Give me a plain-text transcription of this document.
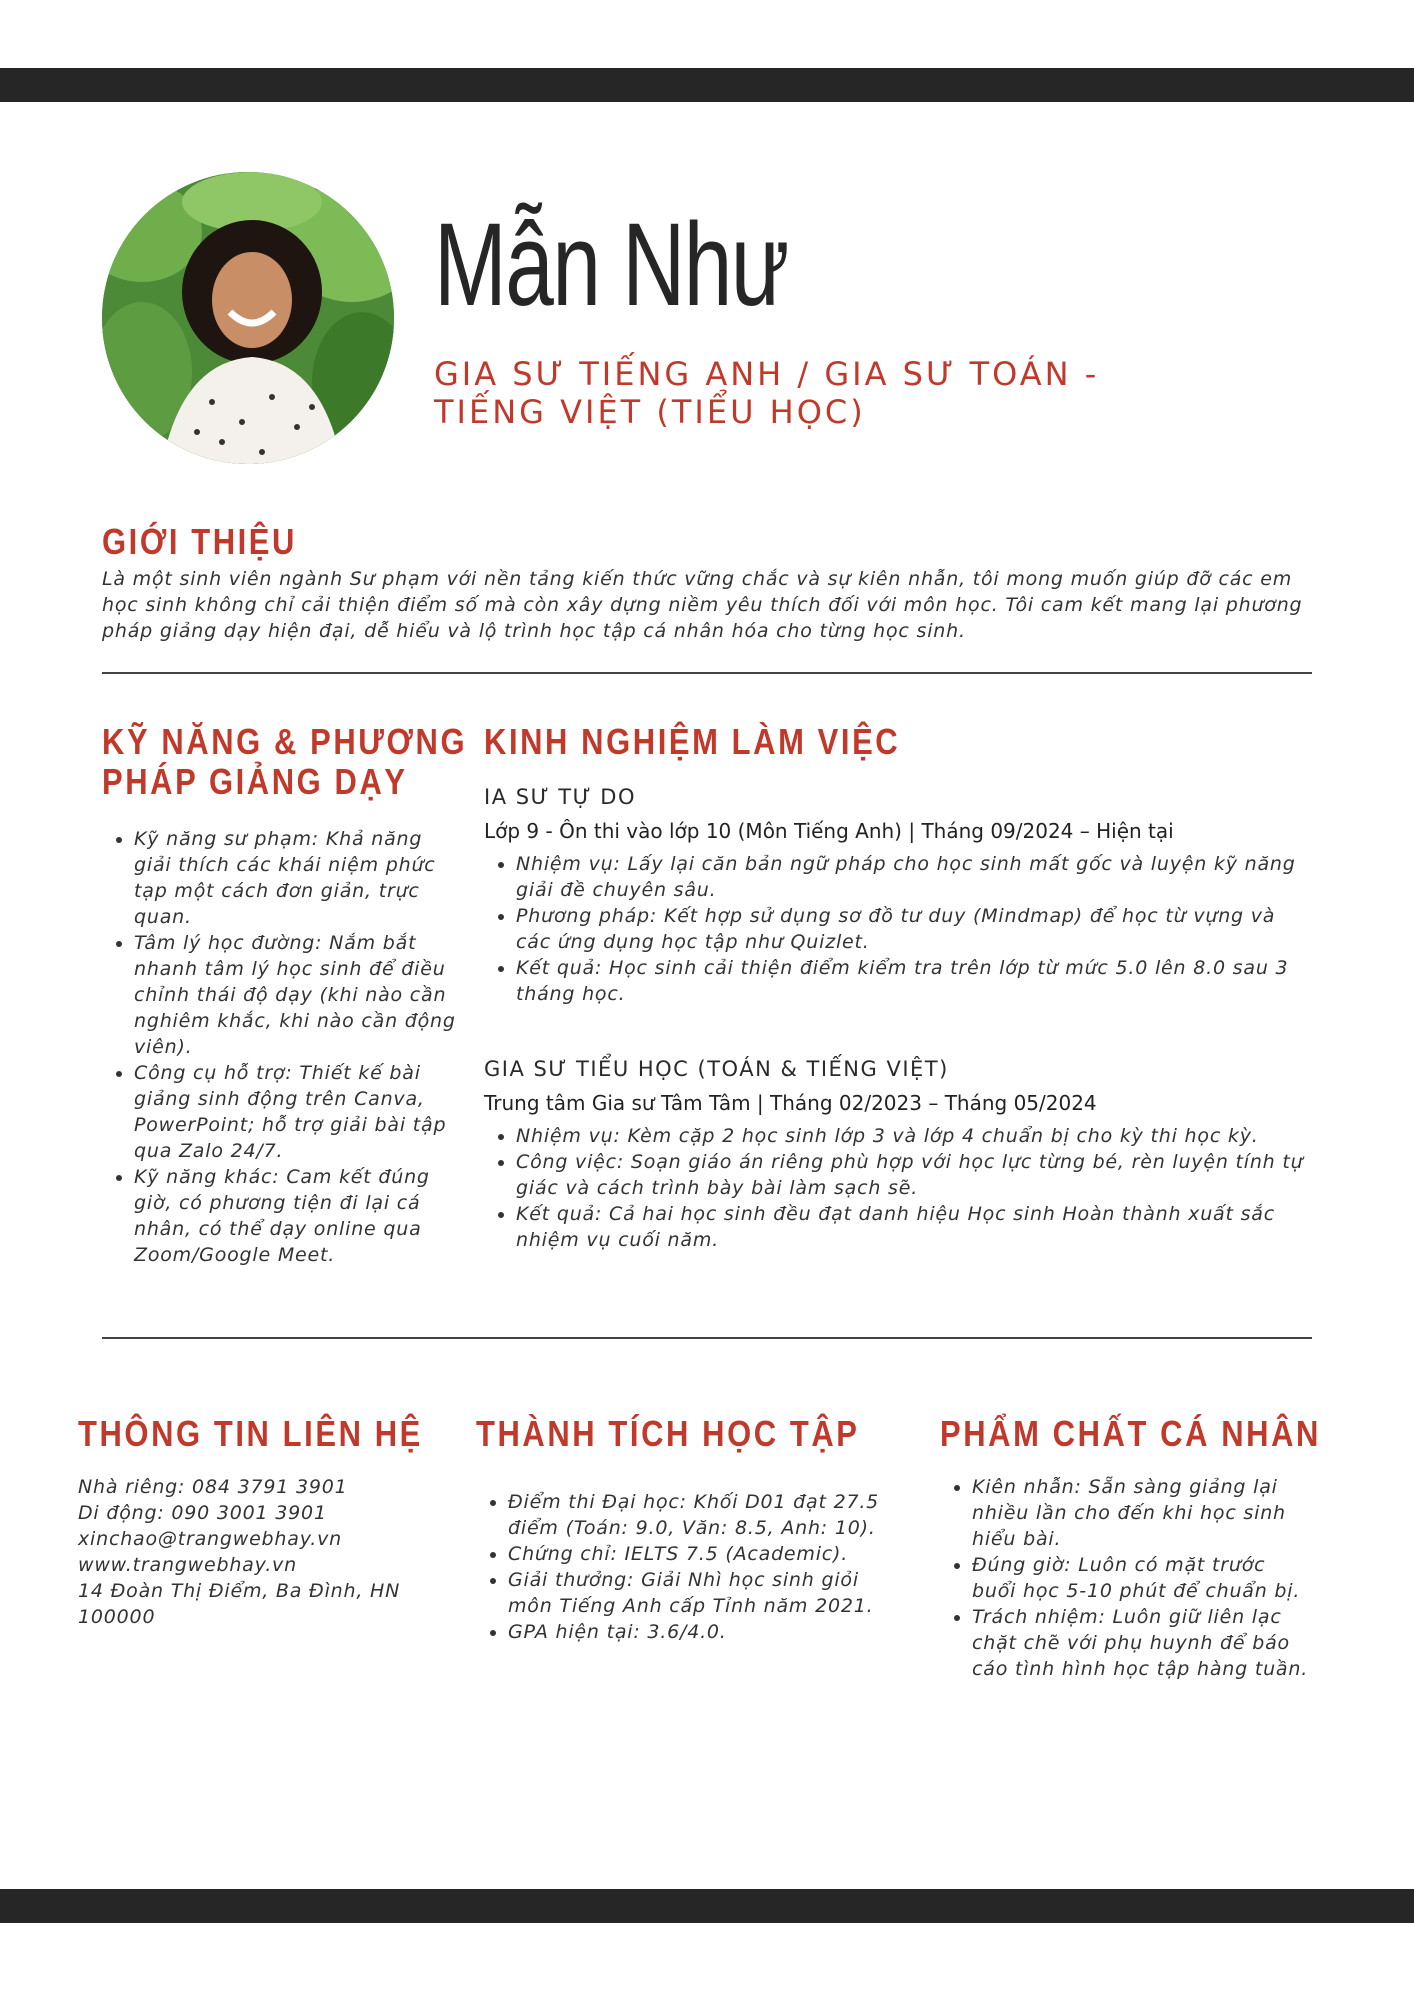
Mẫn Như
GIA SƯ TIẾNG ANH / GIA SƯ TOÁN - TIẾNG VIỆT (TIỂU HỌC)
GIỚI THIỆU

Là một sinh viên ngành Sư phạm với nền tảng kiến thức vững chắc và sự kiên nhẫn, tôi mong muốn giúp đỡ các em học sinh không chỉ cải thiện điểm số mà còn xây dựng niềm yêu thích đối với môn học. Tôi cam kết mang lại phương pháp giảng dạy hiện đại, dễ hiểu và lộ trình học tập cá nhân hóa cho từng học sinh.

KỸ NĂNG & PHƯƠNG
PHÁP GIẢNG DẠY
• Kỹ năng sư phạm: Khả năng giải thích các khái niệm phức tạp một cách đơn giản, trực quan.
• Tâm lý học đường: Nắm bắt nhanh tâm lý học sinh để điều chỉnh thái độ dạy (khi nào cần nghiêm khắc, khi nào cần động viên).
• Công cụ hỗ trợ: Thiết kế bài giảng sinh động trên Canva, PowerPoint; hỗ trợ giải bài tập qua Zalo 24/7.
• Kỹ năng khác: Cam kết đúng giờ, có phương tiện đi lại cá nhân, có thể dạy online qua Zoom/Google Meet.
KINH NGHIỆM LÀM VIỆC

IA SƯ TỰ DO

Lớp 9 - Ôn thi vào lớp 10 (Môn Tiếng Anh) | Tháng 09/2024 – Hiện tại

• Nhiệm vụ: Lấy lại căn bản ngữ pháp cho học sinh mất gốc và luyện kỹ năng giải đề chuyên sâu.
• Phương pháp: Kết hợp sử dụng sơ đồ tư duy (Mindmap) để học từ vựng và các ứng dụng học tập như Quizlet.
• Kết quả: Học sinh cải thiện điểm kiểm tra trên lớp từ mức 5.0 lên 8.0 sau 3 tháng học.

GIA SƯ TIỂU HỌC (TOÁN & TIẾNG VIỆT)

Trung tâm Gia sư Tâm Tâm | Tháng 02/2023 – Tháng 05/2024

• Nhiệm vụ: Kèm cặp 2 học sinh lớp 3 và lớp 4 chuẩn bị cho kỳ thi học kỳ.
• Công việc: Soạn giáo án riêng phù hợp với học lực từng bé, rèn luyện tính tự giác và cách trình bày bài làm sạch sẽ.
• Kết quả: Cả hai học sinh đều đạt danh hiệu Học sinh Hoàn thành xuất sắc nhiệm vụ cuối năm.
THÔNG TIN LIÊN HỆ
Nhà riêng: 084 3791 3901
Di động: 090 3001 3901
xinchao@trangwebhay.vn
www.trangwebhay.vn
14 Đoàn Thị Điểm, Ba Đình, HN 100000
THÀNH TÍCH HỌC TẬP
• Điểm thi Đại học: Khối D01 đạt 27.5 điểm (Toán: 9.0, Văn: 8.5, Anh: 10).
• Chứng chỉ: IELTS 7.5 (Academic).
• Giải thưởng: Giải Nhì học sinh giỏi môn Tiếng Anh cấp Tỉnh năm 2021.
• GPA hiện tại: 3.6/4.0.
PHẨM CHẤT CÁ NHÂN
• Kiên nhẫn: Sẵn sàng giảng lại nhiều lần cho đến khi học sinh hiểu bài.
• Đúng giờ: Luôn có mặt trước buổi học 5-10 phút để chuẩn bị.
• Trách nhiệm: Luôn giữ liên lạc chặt chẽ với phụ huynh để báo cáo tình hình học tập hàng tuần.
